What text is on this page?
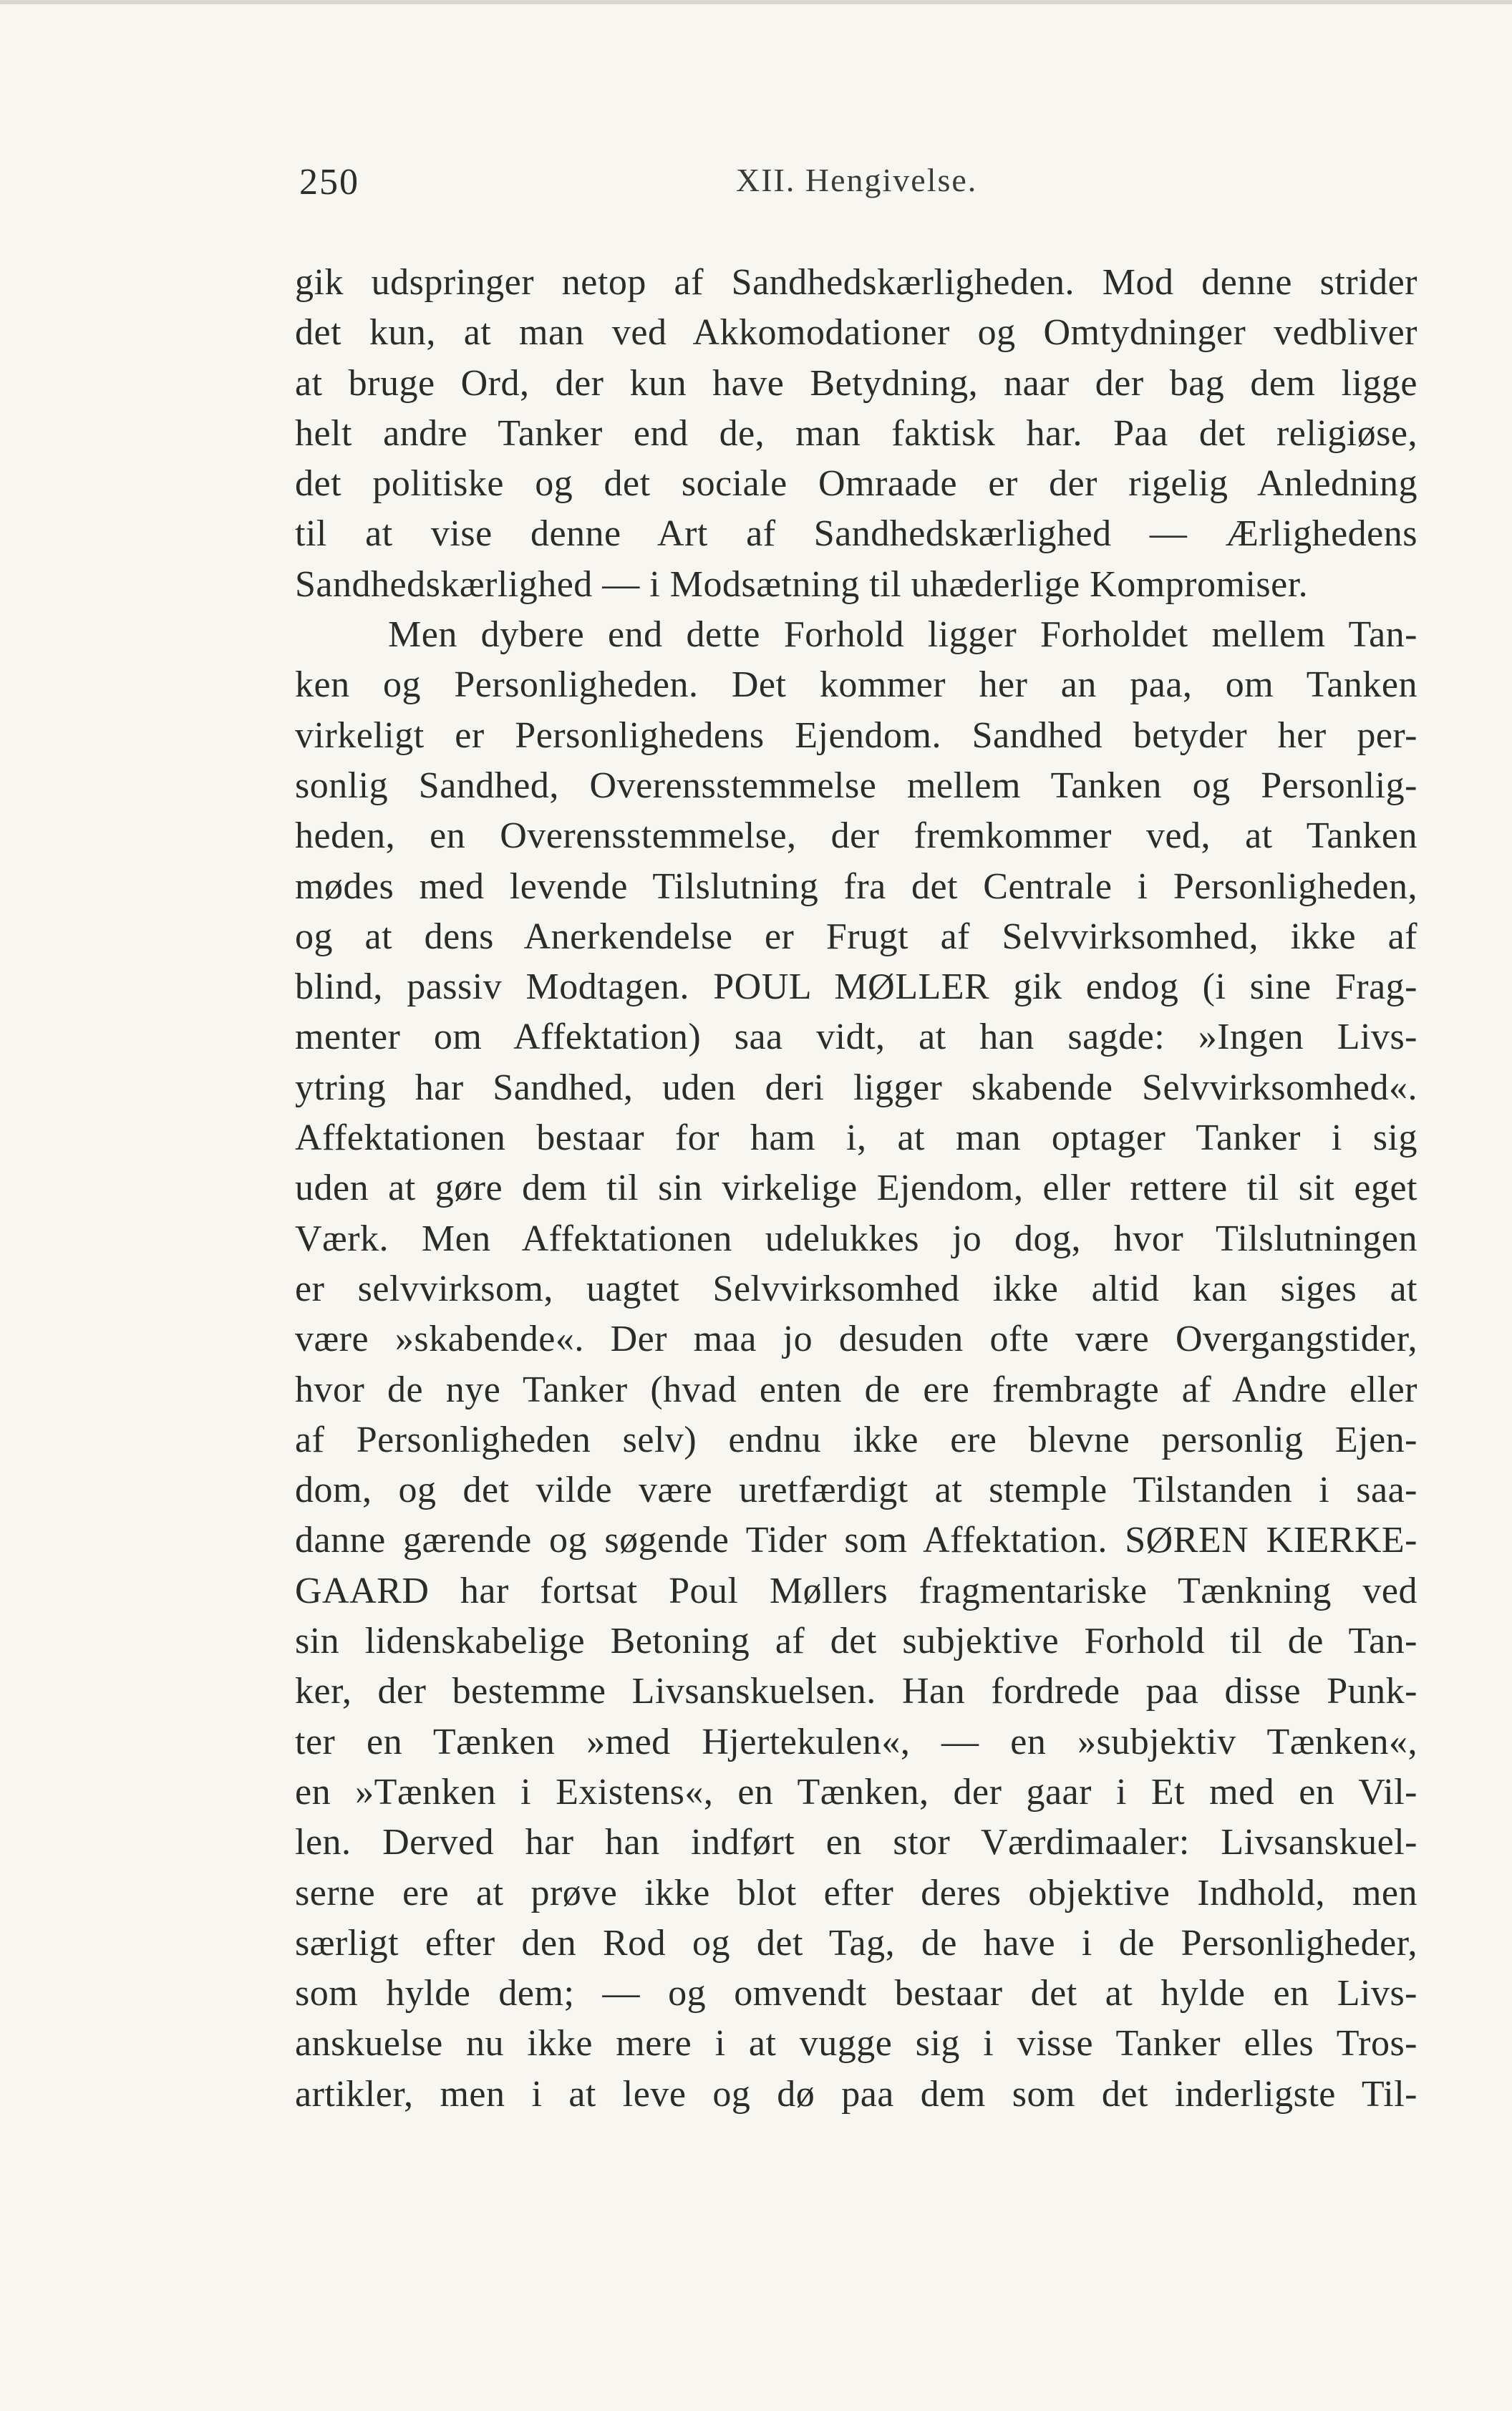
250	XII. Hengivelse.
gik udspringer netop af Sandhedskærligheden. Mod denne strider
det kun, at man ved Akkomodationer og Omtydninger vedbliver
at bruge Ord, der kun have Betydning, naar der bag dem ligge
helt andre Tanker end de, man faktisk har. Paa det religiøse,
det politiske og det sociale Omraade er der rigelig Anledning
til at vise denne Art af Sandhedskærlighed — Ærlighedens
Sandhedskærlighed — i Modsætning til uhæderlige Kompromiser.
Men dybere end dette Forhold ligger Forholdet mellem Tan-
ken og Personligheden. Det kommer her an paa, om Tanken
virkeligt er Personlighedens Ejendom. Sandhed betyder her per-
sonlig Sandhed, Overensstemmelse mellem Tanken og Personlig-
heden, en Overensstemmelse, der fremkommer ved, at Tanken
mødes med levende Tilslutning fra det Centrale i Personligheden,
og at dens Anerkendelse er Frugt af Selvvirksomhed, ikke af
blind, passiv Modtagen. POUL MØLLER gik endog (i sine Frag-
menter om Affektation) saa vidt, at han sagde: »Ingen Livs-
ytring har Sandhed, uden deri ligger skabende Selvvirksomhed«.
Affektationen bestaar for ham i, at man optager Tanker i sig
uden at gøre dem til sin virkelige Ejendom, eller rettere til sit eget
Værk. Men Affektationen udelukkes jo dog, hvor Tilslutningen
er selvvirksom, uagtet Selvvirksomhed ikke altid kan siges at
være »skabende«. Der maa jo desuden ofte være Overgangstider,
hvor de nye Tanker (hvad enten de ere frembragte af Andre eller
af Personligheden selv) endnu ikke ere blevne personlig Ejen-
dom, og det vilde være uretfærdigt at stemple Tilstanden i saa-
danne gærende og søgende Tider som Affektation. SØREN KIERKE-
GAARD har fortsat Poul Møllers fragmentariske Tænkning ved
sin lidenskabelige Betoning af det subjektive Forhold til de Tan-
ker, der bestemme Livsanskuelsen. Han fordrede paa disse Punk-
ter en Tænken »med Hjertekulen«, — en »subjektiv Tænken«,
en »Tænken i Existens«, en Tænken, der gaar i Et med en Vil-
len. Derved har han indført en stor Værdimaaler: Livsanskuel-
serne ere at prøve ikke blot efter deres objektive Indhold, men
særligt efter den Rod og det Tag, de have i de Personligheder,
som hylde dem; — og omvendt bestaar det at hylde en Livs-
anskuelse nu ikke mere i at vugge sig i visse Tanker elles Tros-
artikler, men i at leve og dø paa dem som det inderligste Til-
